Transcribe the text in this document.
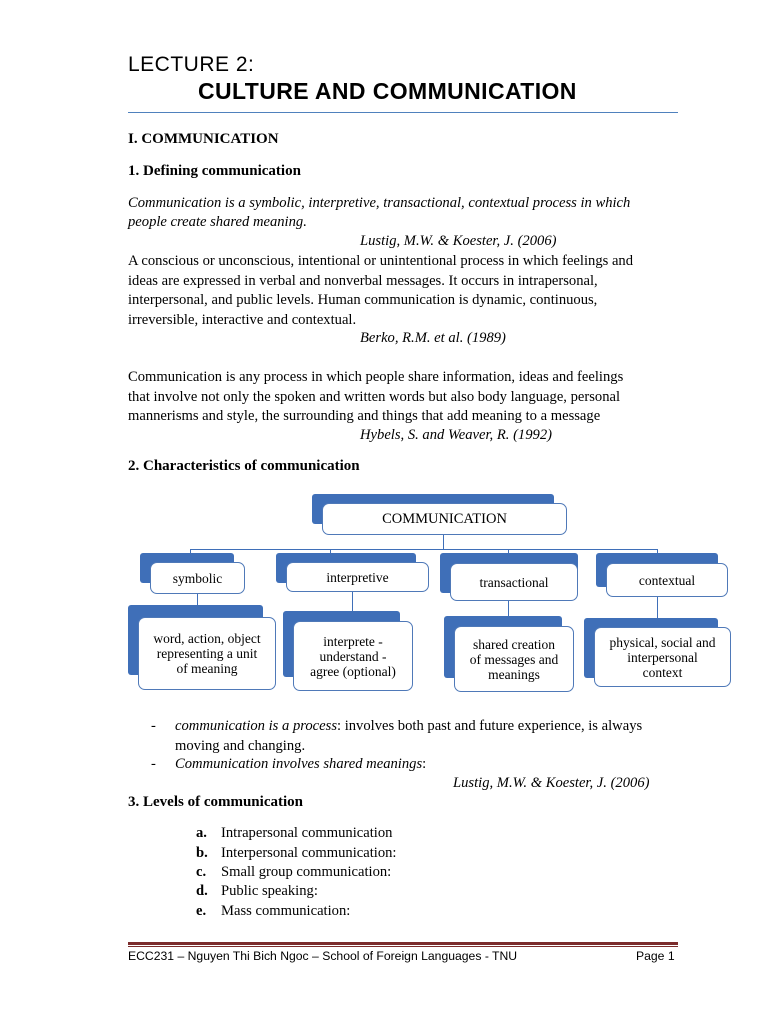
LECTURE 2:
CULTURE AND COMMUNICATION
I. COMMUNICATION
1. Defining communication
Communication is a symbolic, interpretive, transactional, contextual process in which
people create shared meaning.
Lustig, M.W. & Koester, J. (2006)
A conscious or unconscious, intentional or unintentional process in which feelings and
ideas are expressed in verbal and nonverbal messages. It occurs in intrapersonal,
interpersonal, and public levels. Human communication is dynamic, continuous,
irreversible, interactive and contextual.
Berko, R.M. et al. (1989)
Communication is any process in which people share information, ideas and feelings
that involve not only the spoken and written words but also body language, personal
mannerisms and style, the surrounding and things that add meaning to a message
Hybels, S. and Weaver, R. (1992)
2. Characteristics of communication
COMMUNICATION
symbolic
word, action, object
representing a unit
of meaning
interpretive
interprete -
understand -
agree (optional)
transactional
shared creation
of messages and
meanings
contextual
physical, social and
interpersonal
context
- communication is a process: involves both past and future experience, is always
moving and changing.
- Communication involves shared meanings:
Lustig, M.W. & Koester, J. (2006)
3. Levels of communication
a. Intrapersonal communication
b. Interpersonal communication:
c. Small group communication:
d. Public speaking:
e. Mass communication:
ECC231 – Nguyen Thi Bich Ngoc – School of Foreign Languages - TNU	Page 1
